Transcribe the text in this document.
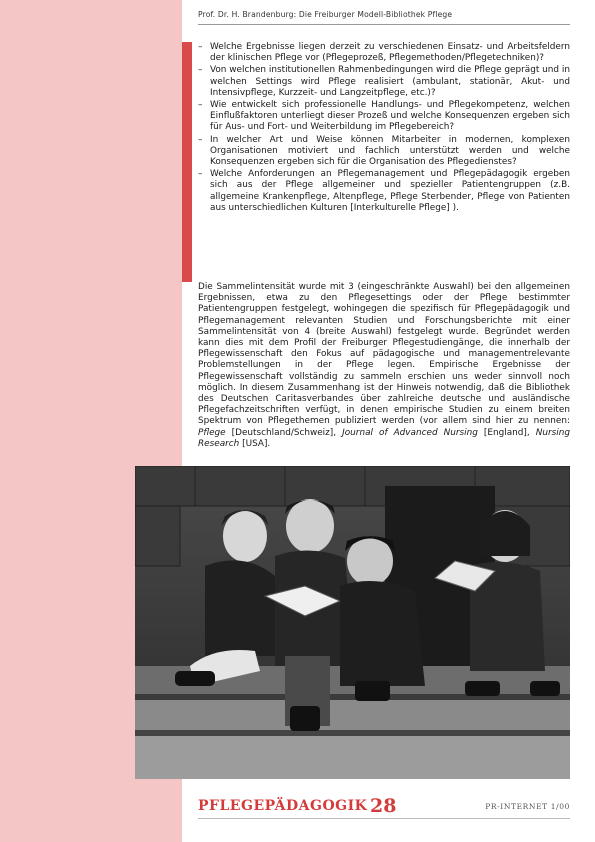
Prof. Dr. H. Brandenburg: Die Freiburger Modell-Bibliothek Pflege
– Welche Ergebnisse liegen derzeit zu verschiedenen Einsatz- und Arbeitsfeldern der klinischen Pflege vor (Pflegeprozeß, Pflegemethoden/Pflegetechniken)?
– Von welchen institutionellen Rahmenbedingungen wird die Pflege geprägt und in welchen Settings wird Pflege realisiert (ambulant, stationär, Akut- und Intensivpflege, Kurzzeit- und Langzeitpflege, etc.)?
– Wie entwickelt sich professionelle Handlungs- und Pflegekompetenz, welchen Einflußfaktoren unterliegt dieser Prozeß und welche Konsequenzen ergeben sich für Aus- und Fort- und Weiterbildung im Pflegebereich?
– In welcher Art und Weise können Mitarbeiter in modernen, komplexen Organisationen motiviert und fachlich unterstützt werden und welche Konsequenzen ergeben sich für die Organisation des Pflegedienstes?
– Welche Anforderungen an Pflegemanagement und Pflegepädagogik ergeben sich aus der Pflege allgemeiner und spezieller Patientengruppen (z.B. allgemeine Krankenpflege, Altenpflege, Pflege Sterbender, Pflege von Patienten aus unterschiedlichen Kulturen [Interkulturelle Pflege] ).

Die Sammelintensität wurde mit 3 (eingeschränkte Auswahl) bei den allgemeinen Ergebnissen, etwa zu den Pflegesettings oder der Pflege bestimmter Patientengruppen festgelegt, wohingegen die spezifisch für Pflegepädagogik und Pflegemanagement relevanten Studien und Forschungsberichte mit einer Sammelintensität von 4 (breite Auswahl) festgelegt wurde. Begründet werden kann dies mit dem Profil der Freiburger Pflegestudiengänge, die innerhalb der Pflegewissenschaft den Fokus auf pädagogische und managementrelevante Problemstellungen in der Pflege legen. Empirische Ergebnisse der Pflegewissenschaft vollständig zu sammeln erschien uns weder sinnvoll noch möglich. In diesem Zusammenhang ist der Hinweis notwendig, daß die Bibliothek des Deutschen Caritasverbandes über zahlreiche deutsche und ausländische Pflegefachzeitschriften verfügt, in denen empirische Studien zu einem breiten Spektrum von Pflegethemen publiziert werden (vor allem sind hier zu nennen: Pflege [Deutschland/Schweiz], Journal of Advanced Nursing [England], Nursing Research [USA].

PFLEGEPÄDAGOGIK 28	PR-INTERNET 1/00
